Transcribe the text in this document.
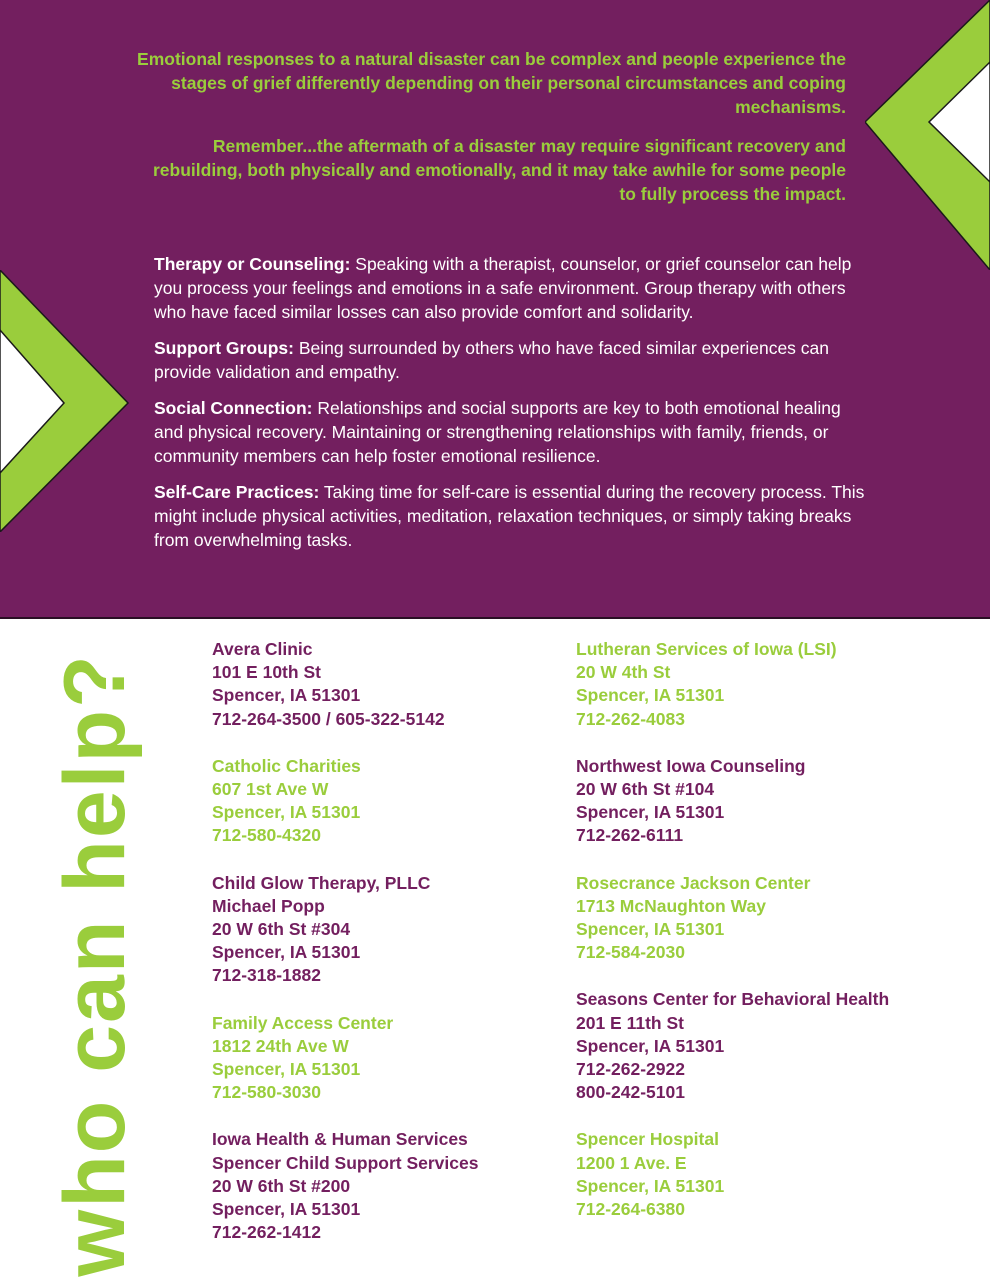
Emotional responses to a natural disaster can be complex and people experience the stages of grief differently depending on their personal circumstances and coping mechanisms.

Remember...the aftermath of a disaster may require significant recovery and rebuilding, both physically and emotionally, and it may take awhile for some people to fully process the impact.

Therapy or Counseling: Speaking with a therapist, counselor, or grief counselor can help you process your feelings and emotions in a safe environment. Group therapy with others who have faced similar losses can also provide comfort and solidarity.

Support Groups: Being surrounded by others who have faced similar experiences can provide validation and empathy.

Social Connection: Relationships and social supports are key to both emotional healing and physical recovery. Maintaining or strengthening relationships with family, friends, or community members can help foster emotional resilience.

Self-Care Practices: Taking time for self-care is essential during the recovery process. This might include physical activities, meditation, relaxation techniques, or simply taking breaks from overwhelming tasks.

who can help?
Avera Clinic
101 E 10th St
Spencer, IA 51301
712-264-3500 / 605-322-5142
Catholic Charities
607 1st Ave W
Spencer, IA 51301
712-580-4320
Child Glow Therapy, PLLC
Michael Popp
20 W 6th St #304
Spencer, IA 51301
712-318-1882
Family Access Center
1812 24th Ave W
Spencer, IA 51301
712-580-3030
Iowa Health & Human Services
Spencer Child Support Services
20 W 6th St #200
Spencer, IA 51301
712-262-1412
Lutheran Services of Iowa (LSI)
20 W 4th St
Spencer, IA 51301
712-262-4083
Northwest Iowa Counseling
20 W 6th St #104
Spencer, IA 51301
712-262-6111
Rosecrance Jackson Center
1713 McNaughton Way
Spencer, IA 51301
712-584-2030
Seasons Center for Behavioral Health
201 E 11th St
Spencer, IA 51301
712-262-2922
800-242-5101
Spencer Hospital
1200 1 Ave. E
Spencer, IA 51301
712-264-6380
